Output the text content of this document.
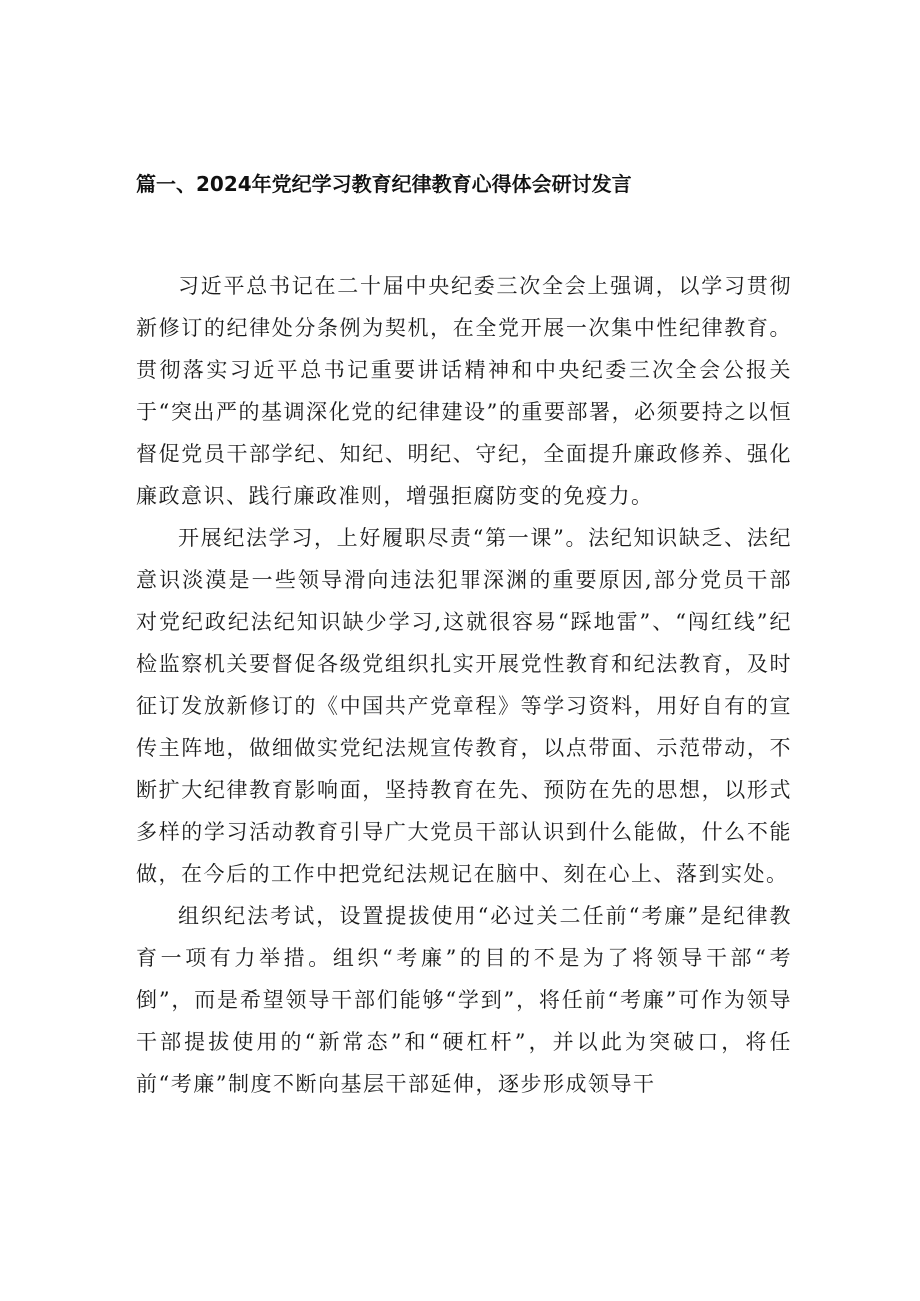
篇一、2024年党纪学习教育纪律教育心得体会研讨发言

习近平总书记在二十届中央纪委三次全会上强调，以学习贯彻新修订的纪律处分条例为契机，在全党开展一次集中性纪律教育。贯彻落实习近平总书记重要讲话精神和中央纪委三次全会公报关于“突出严的基调深化党的纪律建设”的重要部署，必须要持之以恒督促党员干部学纪、知纪、明纪、守纪，全面提升廉政修养、强化廉政意识、践行廉政准则，增强拒腐防变的免疫力。

开展纪法学习，上好履职尽责“第一课”。法纪知识缺乏、法纪意识淡漠是一些领导滑向违法犯罪深渊的重要原因,部分党员干部对党纪政纪法纪知识缺少学习,这就很容易“踩地雷”、“闯红线”纪检监察机关要督促各级党组织扎实开展党性教育和纪法教育，及时征订发放新修订的《中国共产党章程》等学习资料，用好自有的宣传主阵地，做细做实党纪法规宣传教育，以点带面、示范带动，不断扩大纪律教育影响面，坚持教育在先、预防在先的思想，以形式多样的学习活动教育引导广大党员干部认识到什么能做，什么不能做，在今后的工作中把党纪法规记在脑中、刻在心上、落到实处。

组织纪法考试，设置提拔使用“必过关二任前“考廉”是纪律教育一项有力举措。组织“考廉”的目的不是为了将领导干部“考倒”，而是希望领导干部们能够“学到”，将任前“考廉”可作为领导干部提拔使用的“新常态”和“硬杠杆”，并以此为突破口，将任前“考廉”制度不断向基层干部延伸，逐步形成领导干
